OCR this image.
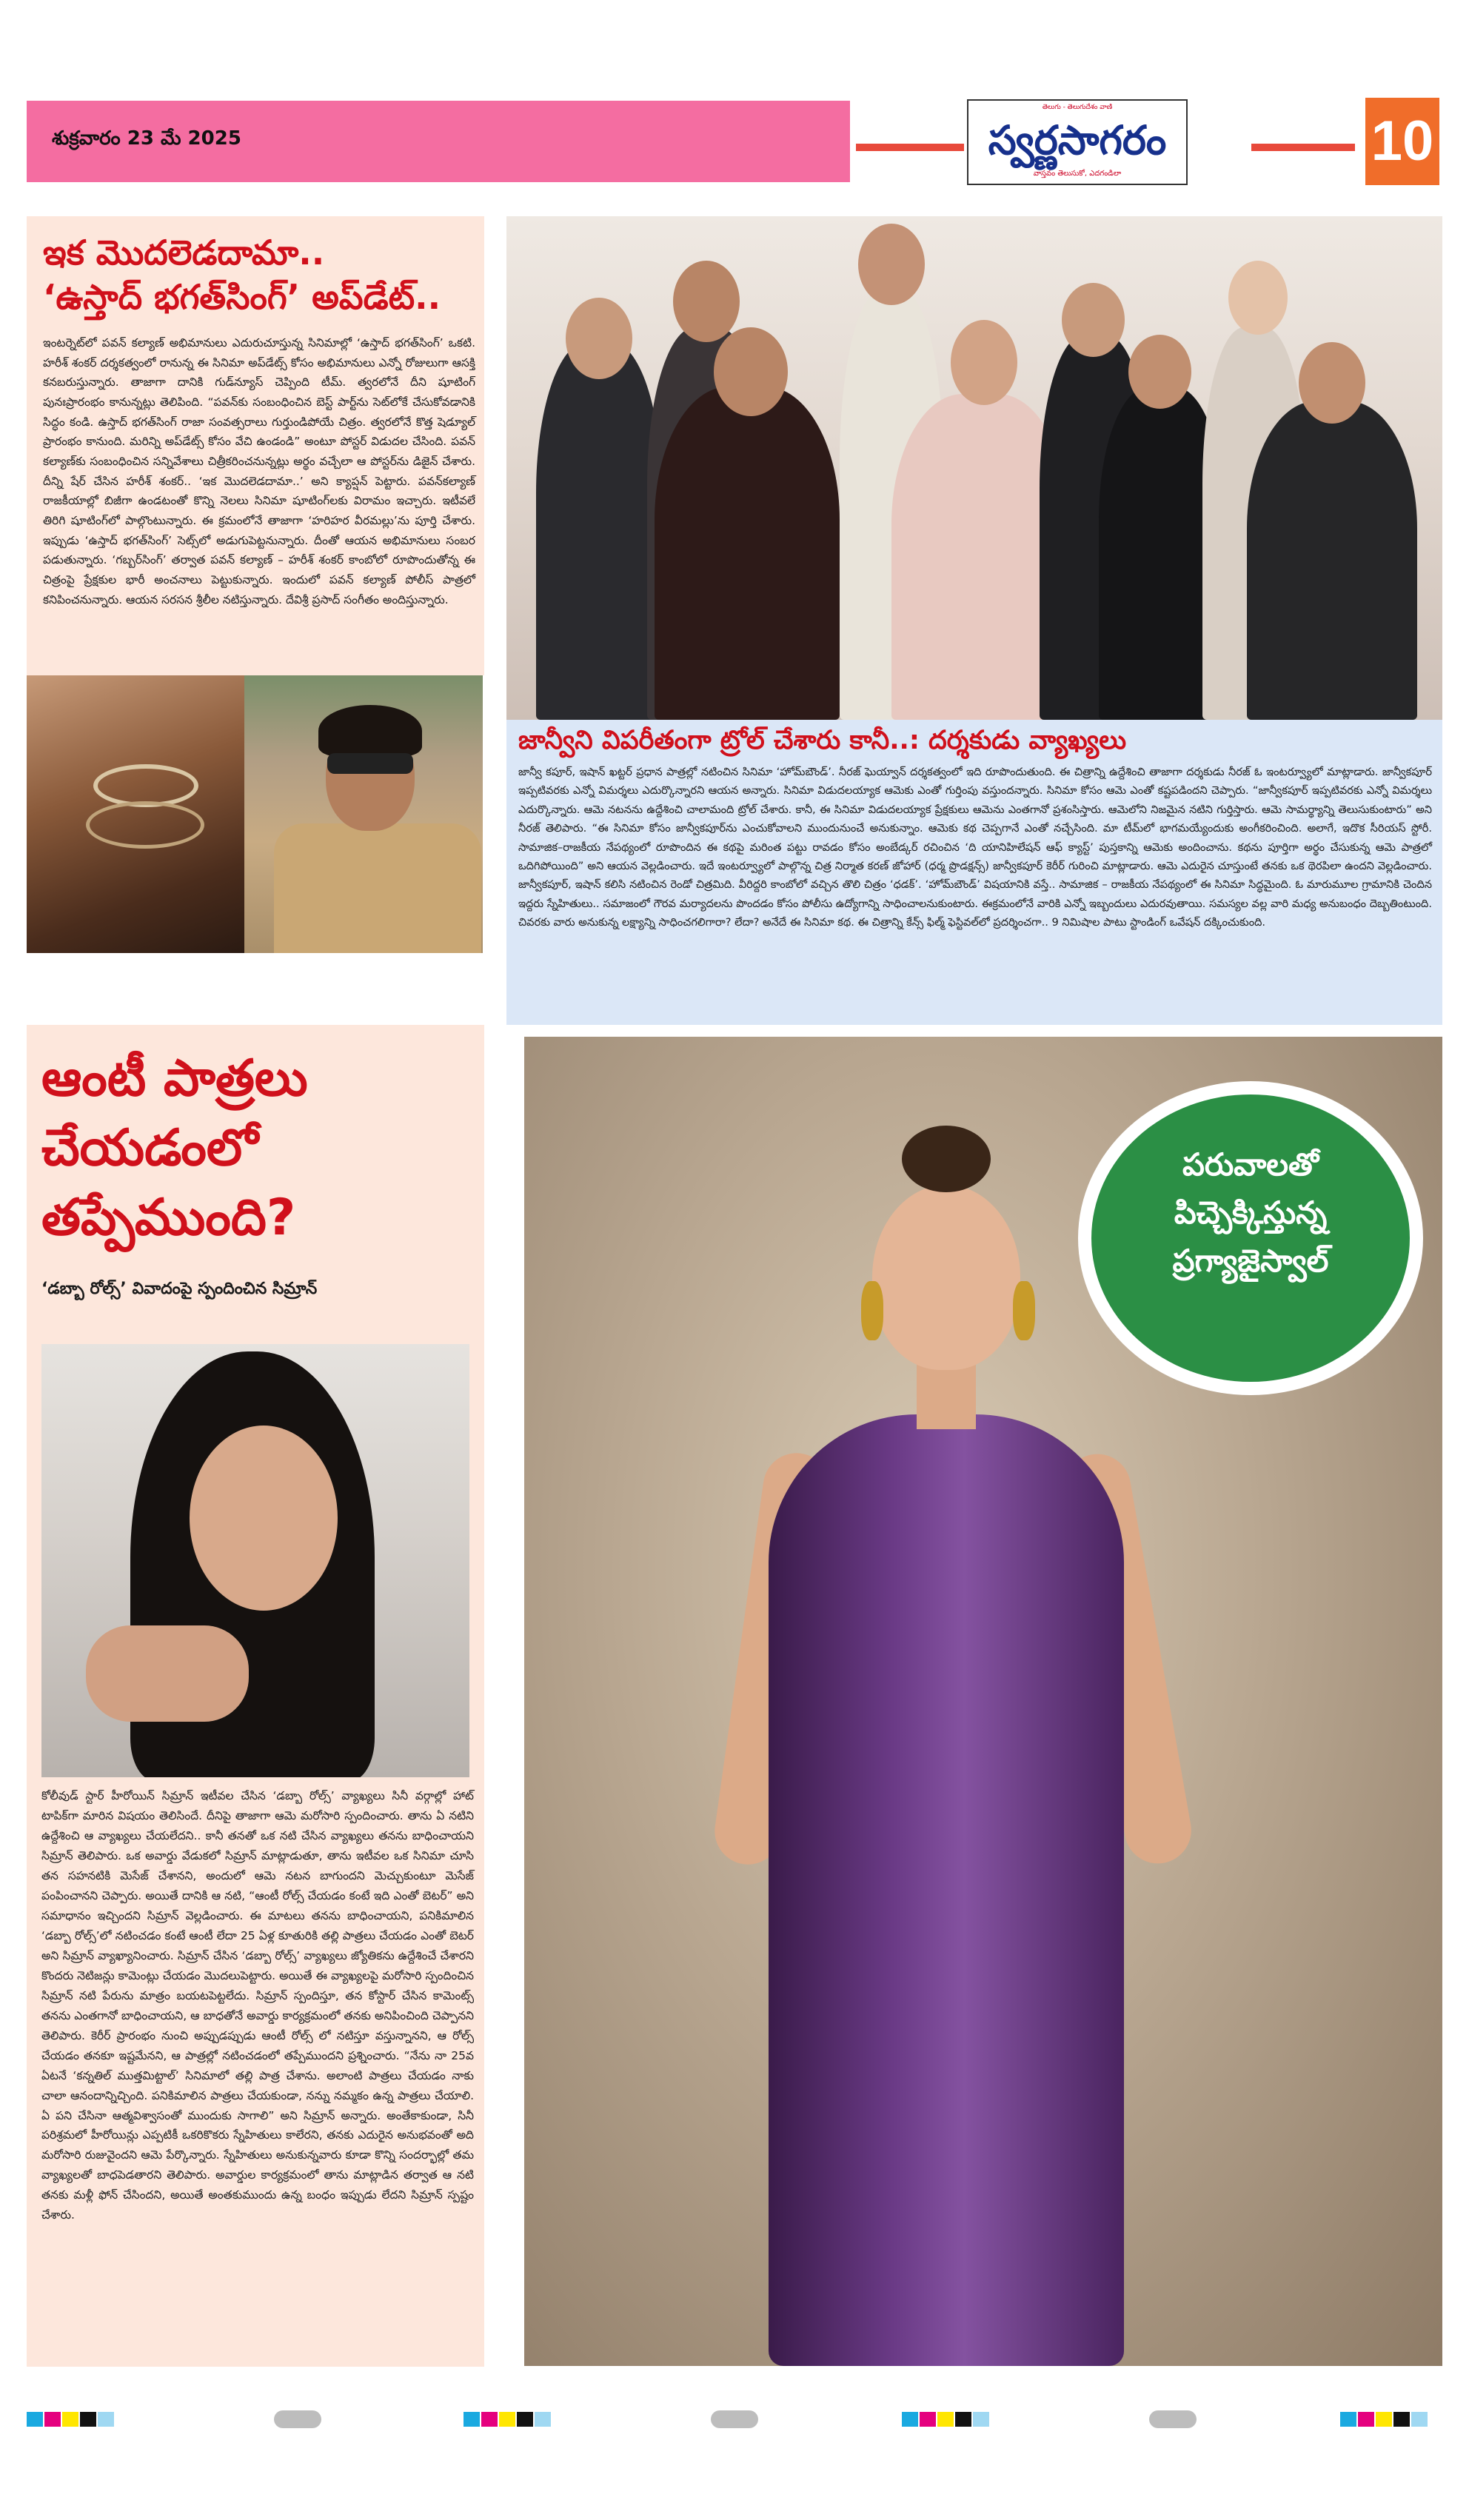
శుక్రవారం 23 మే 2025
తెలుగు - తెలుగుదేశం వాణి
స్వర్ణసాగరం
వాస్తవం తెలుసుకో, ఎదగండిలా
10
ఇక మొదలెడదామా..
‘ఉస్తాద్ భగత్‌సింగ్’ అప్‌డేట్..
ఇంటర్నెట్‌లో పవన్ కల్యాణ్ అభిమానులు ఎదురుచూస్తున్న సినిమాల్లో ‘ఉస్తాద్ భగత్‌సింగ్’ ఒకటి. హరీశ్ శంకర్ దర్శకత్వంలో రానున్న ఈ సినిమా అప్‌డేట్స్ కోసం అభిమానులు ఎన్నో రోజులుగా ఆసక్తి కనబరుస్తున్నారు. తాజాగా దానికి గుడ్‌న్యూస్ చెప్పింది టీమ్. త్వరలోనే దీని షూటింగ్ పునఃప్రారంభం కానున్నట్లు తెలిపింది. “పవన్‌కు సంబంధించిన బెస్ట్ పార్ట్‌ను సెట్‌లోకే చేసుకోవడానికి సిద్ధం కండి. ఉస్తాద్ భగత్‌సింగ్ రాజా సంవత్సరాలు గుర్తుండిపోయే చిత్రం. త్వరలోనే కొత్త షెడ్యూల్ ప్రారంభం కానుంది. మరిన్ని అప్‌డేట్స్ కోసం వేచి ఉండండి” అంటూ పోస్టర్ విడుదల చేసింది. పవన్ కల్యాణ్‌కు సంబంధించిన సన్నివేశాలు చిత్రీకరించనున్నట్లు అర్థం వచ్చేలా ఆ పోస్టర్‌ను డిజైన్ చేశారు. దీన్ని షేర్ చేసిన హరీశ్ శంకర్.. ‘ఇక మొదలెడదామా..’ అని క్యాప్షన్ పెట్టారు. పవన్‌కల్యాణ్ రాజకీయాల్లో బిజీగా ఉండటంతో కొన్ని నెలలు సినిమా షూటింగ్‌లకు విరామం ఇచ్చారు. ఇటీవలే తిరిగి షూటింగ్‌లో పాల్గొంటున్నారు. ఈ క్రమంలోనే తాజాగా ‘హరిహర వీరమల్లు’ను పూర్తి చేశారు. ఇప్పుడు ‘ఉస్తాద్ భగత్‌సింగ్’ సెట్స్‌లో అడుగుపెట్టనున్నారు. దీంతో ఆయన అభిమానులు సంబర పడుతున్నారు. ‘గబ్బర్‌సింగ్’ తర్వాత పవన్ కల్యాణ్ – హరీశ్ శంకర్ కాంబోలో రూపొందుతోన్న ఈ చిత్రంపై ప్రేక్షకుల భారీ అంచనాలు పెట్టుకున్నారు. ఇందులో పవన్ కల్యాణ్ పోలీస్ పాత్రలో కనిపించనున్నారు. ఆయన సరసన శ్రీలీల నటిస్తున్నారు. దేవిశ్రీ ప్రసాద్ సంగీతం అందిస్తున్నారు.
జాన్వీని విపరీతంగా ట్రోల్ చేశారు కానీ..: దర్శకుడు వ్యాఖ్యలు
జాన్వీ కపూర్, ఇషాన్ ఖట్టర్ ప్రధాన పాత్రల్లో నటించిన సినిమా ‘హోమ్‌బౌండ్’. నీరజ్ ఘెయ్వాన్ దర్శకత్వంలో ఇది రూపొందుతుంది. ఈ చిత్రాన్ని ఉద్దేశించి తాజాగా దర్శకుడు నీరజ్ ఓ ఇంటర్వ్యూలో మాట్లాడారు. జాన్వీకపూర్ ఇప్పటివరకు ఎన్నో విమర్శలు ఎదుర్కొన్నారని ఆయన అన్నారు. సినిమా విడుదలయ్యాక ఆమెకు ఎంతో గుర్తింపు వస్తుందన్నారు. సినిమా కోసం ఆమె ఎంతో కష్టపడిందని చెప్పారు. “జాన్వీకపూర్ ఇప్పటివరకు ఎన్నో విమర్శలు ఎదుర్కొన్నారు. ఆమె నటనను ఉద్దేశించి చాలామంది ట్రోల్ చేశారు. కానీ, ఈ సినిమా విడుదలయ్యాక ప్రేక్షకులు ఆమెను ఎంతగానో ప్రశంసిస్తారు. ఆమెలోని నిజమైన నటిని గుర్తిస్తారు. ఆమె సామర్థ్యాన్ని తెలుసుకుంటారు” అని నీరజ్ తెలిపారు. “ఈ సినిమా కోసం జాన్వీకపూర్‌ను ఎంచుకోవాలని ముందునుంచే అనుకున్నాం. ఆమెకు కథ చెప్పగానే ఎంతో నచ్చేసింది. మా టీమ్‌లో భాగమయ్యేందుకు అంగీకరించింది. అలాగే, ఇదొక సీరియస్ స్టోరీ. సామాజిక–రాజకీయ నేపథ్యంలో రూపొందిన ఈ కథపై మరింత పట్టు రావడం కోసం అంబేడ్కర్ రచించిన ‘ది యానిహిలేషన్ ఆఫ్ క్యాస్ట్’ పుస్తకాన్ని ఆమెకు అందించాను. కథను పూర్తిగా అర్థం చేసుకున్న ఆమె పాత్రలో ఒదిగిపోయింది” అని ఆయన వెల్లడించారు. ఇదే ఇంటర్వ్యూలో పాల్గొన్న చిత్ర నిర్మాత కరణ్ జోహార్ (ధర్మ ప్రొడక్షన్స్) జాన్వీకపూర్ కెరీర్ గురించి మాట్లాడారు. ఆమె ఎదురైన చూస్తుంటే తనకు ఒక థెరపిలా ఉందని వెల్లడించారు. జాన్వీకపూర్, ఇషాన్ కలిసి నటించిన రెండో చిత్రమిది. వీరిద్దరి కాంబోలో వచ్చిన తొలి చిత్రం ‘ధడక్’. ‘హోమ్‌బౌండ్’ విషయానికి వస్తే.. సామాజిక – రాజకీయ నేపథ్యంలో ఈ సినిమా సిద్ధమైంది. ఓ మారుమూల గ్రామానికి చెందిన ఇద్దరు స్నేహితులు.. సమాజంలో గౌరవ మర్యాదలను పొందడం కోసం పోలీసు ఉద్యోగాన్ని సాధించాలనుకుంటారు. ఈక్రమంలోనే వారికి ఎన్నో ఇబ్బందులు ఎదురవుతాయి. సమస్యల వల్ల వారి మధ్య అనుబంధం దెబ్బతింటుంది. చివరకు వారు అనుకున్న లక్ష్యాన్ని సాధించగలిగారా? లేదా? అనేదే ఈ సినిమా కథ. ఈ చిత్రాన్ని కేన్స్ ఫిల్మ్ ఫెస్టివల్‌లో ప్రదర్శించగా.. 9 నిమిషాల పాటు స్టాండింగ్ ఒవేషన్ దక్కించుకుంది.
ఆంటీ పాత్రలు
చేయడంలో
తప్పేముంది?
‘డబ్బా రోల్స్’ వివాదంపై స్పందించిన సిమ్రాన్
కోలీవుడ్ స్టార్ హీరోయిన్ సిమ్రాన్ ఇటీవల చేసిన ‘డబ్బా రోల్స్’ వ్యాఖ్యలు సినీ వర్గాల్లో హాట్ టాపిక్‌గా మారిన విషయం తెలిసిందే. దీనిపై తాజాగా ఆమె మరోసారి స్పందించారు. తాను ఏ నటిని ఉద్దేశించి ఆ వ్యాఖ్యలు చేయలేదని.. కానీ తనతో ఒక నటి చేసిన వ్యాఖ్యలు తనను బాధించాయని సిమ్రాన్ తెలిపారు. ఒక అవార్డు వేడుకలో సిమ్రాన్ మాట్లాడుతూ, తాను ఇటీవల ఒక సినిమా చూసి తన సహనటికి మెసేజ్ చేశానని, అందులో ఆమె నటన బాగుందని మెచ్చుకుంటూ మెసేజ్ పంపించానని చెప్పారు. అయితే దానికి ఆ నటి, “ఆంటీ రోల్స్ చేయడం కంటే ఇది ఎంతో బెటర్” అని సమాధానం ఇచ్చిందని సిమ్రాన్ వెల్లడించారు. ఈ మాటలు తనను బాధించాయని, పనికిమాలిన ‘డబ్బా రోల్స్’లో నటించడం కంటే ఆంటీ లేదా 25 ఏళ్ల కూతురికి తల్లి పాత్రలు చేయడం ఎంతో బెటర్ అని సిమ్రాన్ వ్యాఖ్యానించారు. సిమ్రాన్ చేసిన ‘డబ్బా రోల్స్’ వ్యాఖ్యలు జ్యోతికను ఉద్దేశించే చేశారని కొందరు నెటిజన్లు కామెంట్లు చేయడం మొదలుపెట్టారు. అయితే ఈ వ్యాఖ్యలపై మరోసారి స్పందించిన సిమ్రాన్ నటి పేరును మాత్రం బయటపెట్టలేదు. సిమ్రాన్ స్పందిస్తూ, తన కోస్టార్ చేసిన కామెంట్స్ తనను ఎంతగానో బాధించాయని, ఆ బాధతోనే అవార్డు కార్యక్రమంలో తనకు అనిపించింది చెప్పానని తెలిపారు. కెరీర్ ప్రారంభం నుంచి అప్పుడప్పుడు ఆంటీ రోల్స్ లో నటిస్తూ వస్తున్నానని, ఆ రోల్స్ చేయడం తనకూ ఇష్టమేనని, ఆ పాత్రల్లో నటించడంలో తప్పేముందని ప్రశ్నించారు. “నేను నా 25వ ఏటనే ‘కన్నతిల్ ముత్తమిట్టాల్’ సినిమాలో తల్లి పాత్ర చేశాను. అలాంటి పాత్రలు చేయడం నాకు చాలా ఆనందాన్నిచ్చింది. పనికిమాలిన పాత్రలు చేయకుండా, నన్ను నమ్మకం ఉన్న పాత్రలు చేయాలి. ఏ పని చేసినా ఆత్మవిశ్వాసంతో ముందుకు సాగాలి” అని సిమ్రాన్ అన్నారు. అంతేకాకుండా, సినీ పరిశ్రమలో హీరోయిన్లు ఎప్పటికీ ఒకరికొకరు స్నేహితులు కాలేరని, తనకు ఎదురైన అనుభవంతో అది మరోసారి రుజువైందని ఆమె పేర్కొన్నారు. స్నేహితులు అనుకున్నవారు కూడా కొన్ని సందర్భాల్లో తమ వ్యాఖ్యలతో బాధపెడతారని తెలిపారు. అవార్డుల కార్యక్రమంలో తాను మాట్లాడిన తర్వాత ఆ నటి తనకు మళ్లీ ఫోన్ చేసిందని, అయితే అంతకుముందు ఉన్న బంధం ఇప్పుడు లేదని సిమ్రాన్ స్పష్టం చేశారు.
పరువాలతో
పిచ్చెక్కిస్తున్న
ప్రగ్యాజైస్వాల్
